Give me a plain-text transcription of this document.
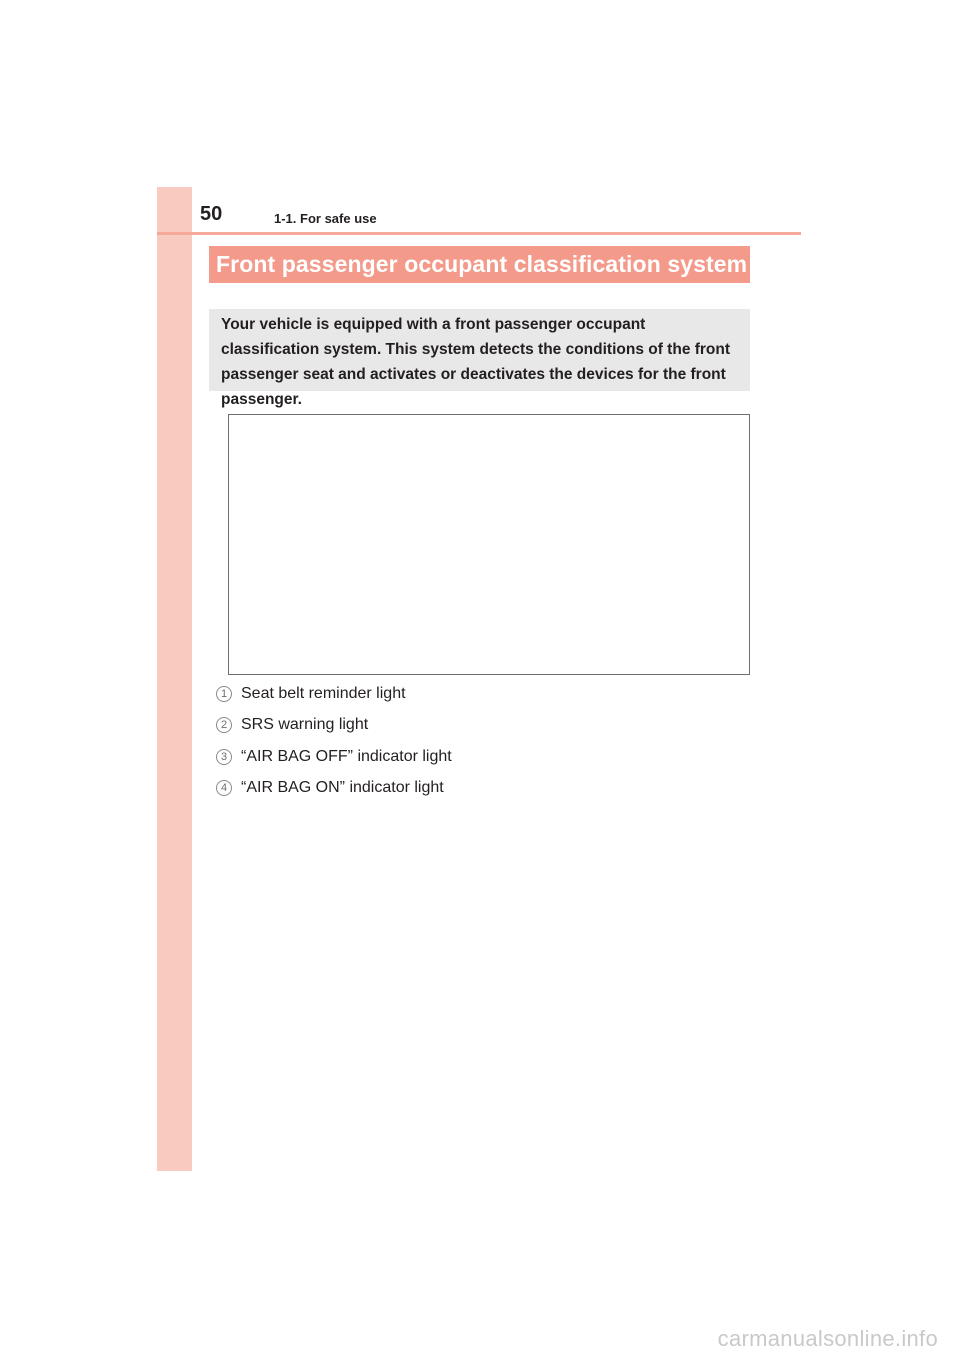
50	1-1. For safe use
Front passenger occupant classification system
Your vehicle is equipped with a front passenger occupant classification system. This system detects the conditions of the front passenger seat and activates or deactivates the devices for the front passenger.
1 Seat belt reminder light
2 SRS warning light
3 “AIR BAG OFF” indicator light
4 “AIR BAG ON” indicator light
carmanualsonline.info
